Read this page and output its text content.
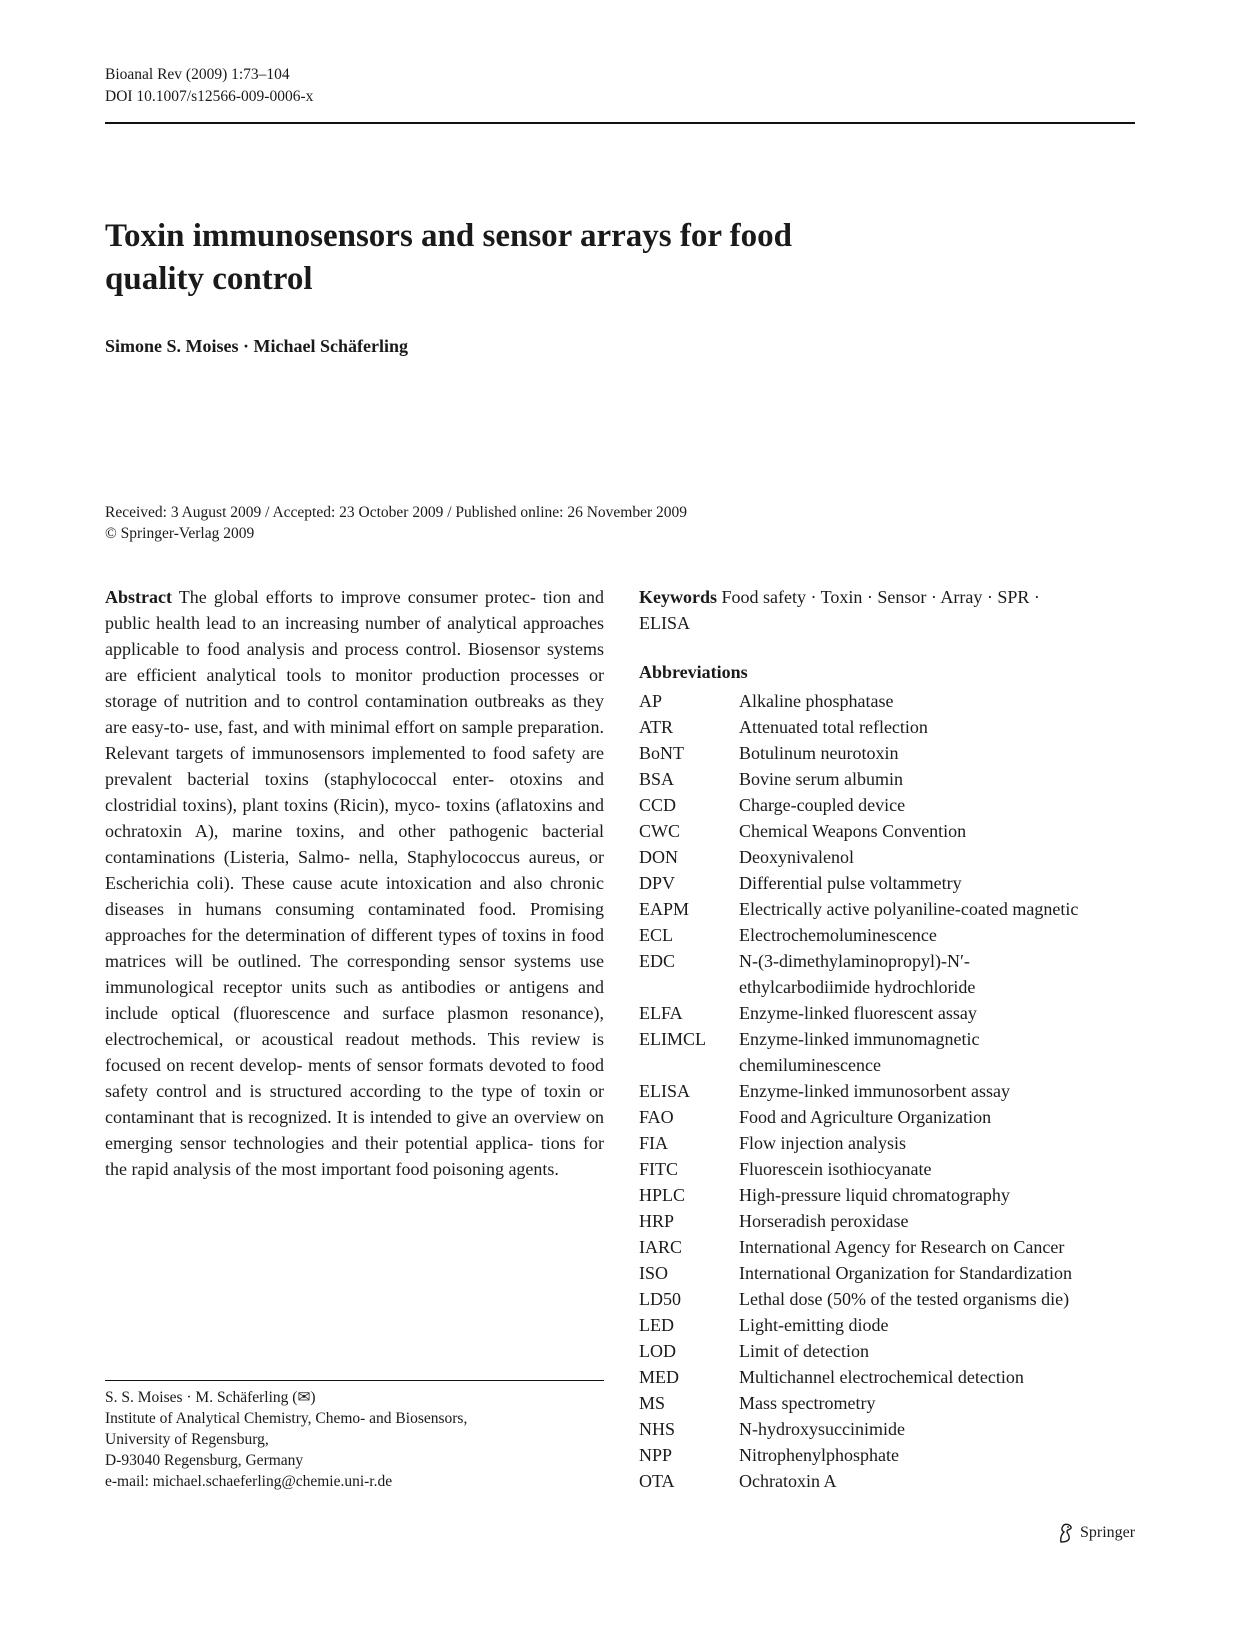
Bioanal Rev (2009) 1:73–104
DOI 10.1007/s12566-009-0006-x
Toxin immunosensors and sensor arrays for food
quality control
Simone S. Moises · Michael Schäferling
Received: 3 August 2009 / Accepted: 23 October 2009 / Published online: 26 November 2009
© Springer-Verlag 2009
Abstract The global efforts to improve consumer protec- tion and public health lead to an increasing number of analytical approaches applicable to food analysis and process control. Biosensor systems are efficient analytical tools to monitor production processes or storage of nutrition and to control contamination outbreaks as they are easy-to- use, fast, and with minimal effort on sample preparation. Relevant targets of immunosensors implemented to food safety are prevalent bacterial toxins (staphylococcal enter- otoxins and clostridial toxins), plant toxins (Ricin), myco- toxins (aflatoxins and ochratoxin A), marine toxins, and other pathogenic bacterial contaminations (Listeria, Salmo- nella, Staphylococcus aureus, or Escherichia coli). These cause acute intoxication and also chronic diseases in humans consuming contaminated food. Promising approaches for the determination of different types of toxins in food matrices will be outlined. The corresponding sensor systems use immunological receptor units such as antibodies or antigens and include optical (fluorescence and surface plasmon resonance), electrochemical, or acoustical readout methods. This review is focused on recent develop- ments of sensor formats devoted to food safety control and is structured according to the type of toxin or contaminant that is recognized. It is intended to give an overview on emerging sensor technologies and their potential applica- tions for the rapid analysis of the most important food poisoning agents.
Keywords Food safety · Toxin · Sensor · Array · SPR ·
ELISA
Abbreviations
AP	Alkaline phosphatase
ATR	Attenuated total reflection
BoNT	Botulinum neurotoxin
BSA	Bovine serum albumin
CCD	Charge-coupled device
CWC	Chemical Weapons Convention
DON	Deoxynivalenol
DPV	Differential pulse voltammetry
EAPM	Electrically active polyaniline-coated magnetic
ECL	Electrochemoluminescence
EDC	N-(3-dimethylaminopropyl)-N′-
ethylcarbodiimide hydrochloride
ELFA	Enzyme-linked fluorescent assay
ELIMCL	Enzyme-linked immunomagnetic
chemiluminescence
ELISA	Enzyme-linked immunosorbent assay
FAO	Food and Agriculture Organization
FIA	Flow injection analysis
FITC	Fluorescein isothiocyanate
HPLC	High-pressure liquid chromatography
HRP	Horseradish peroxidase
IARC	International Agency for Research on Cancer
ISO	International Organization for Standardization
LD50	Lethal dose (50% of the tested organisms die)
LED	Light-emitting diode
LOD	Limit of detection
MED	Multichannel electrochemical detection
MS	Mass spectrometry
NHS	N-hydroxysuccinimide
NPP	Nitrophenylphosphate
OTA	Ochratoxin A
S. S. Moises · M. Schäferling (✉)
Institute of Analytical Chemistry, Chemo- and Biosensors,
University of Regensburg,
D-93040 Regensburg, Germany
e-mail: michael.schaeferling@chemie.uni-r.de
Springer
